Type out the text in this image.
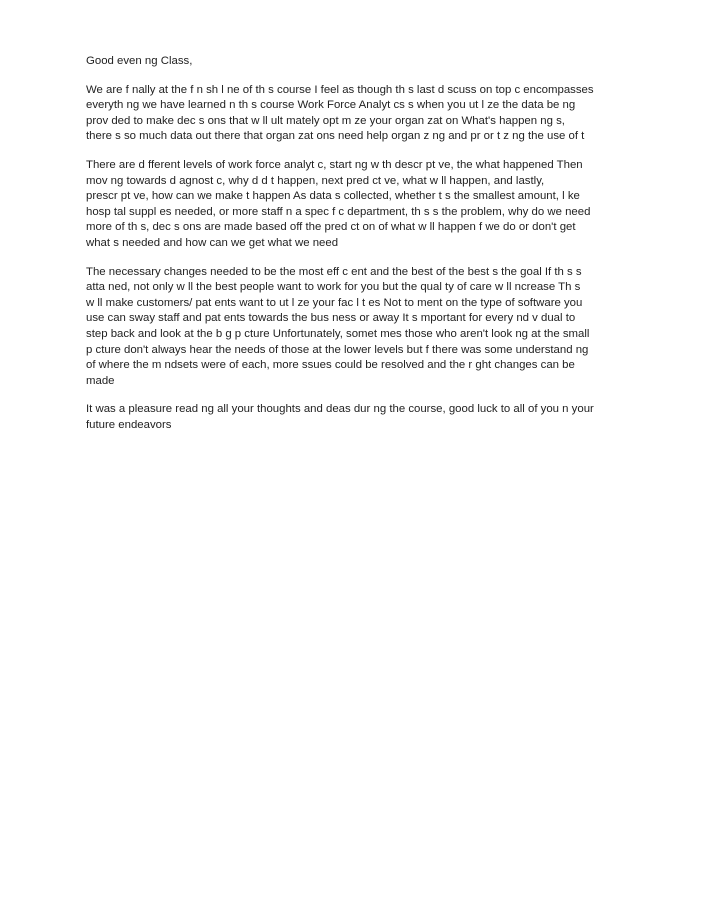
Good even ng Class,

We are f nally at the f n sh l ne of th s course I feel as though th s last d scuss on top c encompasses
everyth ng we have learned n th s course Work Force Analyt cs s when you ut l ze the data be ng
prov ded to make dec s ons that w ll ult mately opt m ze your organ zat on What's happen ng s,
there s so much data out there that organ zat ons need help organ z ng and pr or t z ng the use of t

There are d fferent levels of work force analyt c, start ng w th descr pt ve, the what happened Then
mov ng towards d agnost c, why d d t happen, next pred ct ve, what w ll happen, and lastly,
prescr pt ve, how can we make t happen As data s collected, whether t s the smallest amount, l ke
hosp tal suppl es needed, or more staff n a spec f c department, th s s the problem, why do we need
more of th s, dec s ons are made based off the pred ct on of what w ll happen f we do or don't get
what s needed and how can we get what we need

The necessary changes needed to be the most eff c ent and the best of the best s the goal If th s s
atta ned, not only w ll the best people want to work for you but the qual ty of care w ll ncrease Th s
w ll make customers/ pat ents want to ut l ze your fac l t es Not to ment on the type of software you
use can sway staff and pat ents towards the bus ness or away It s mportant for every nd v dual to
step back and look at the b g p cture Unfortunately, somet mes those who aren't look ng at the small
p cture don't always hear the needs of those at the lower levels but f there was some understand ng
of where the m ndsets were of each, more ssues could be resolved and the r ght changes can be
made

It was a pleasure read ng all your thoughts and deas dur ng the course, good luck to all of you n your
future endeavors
